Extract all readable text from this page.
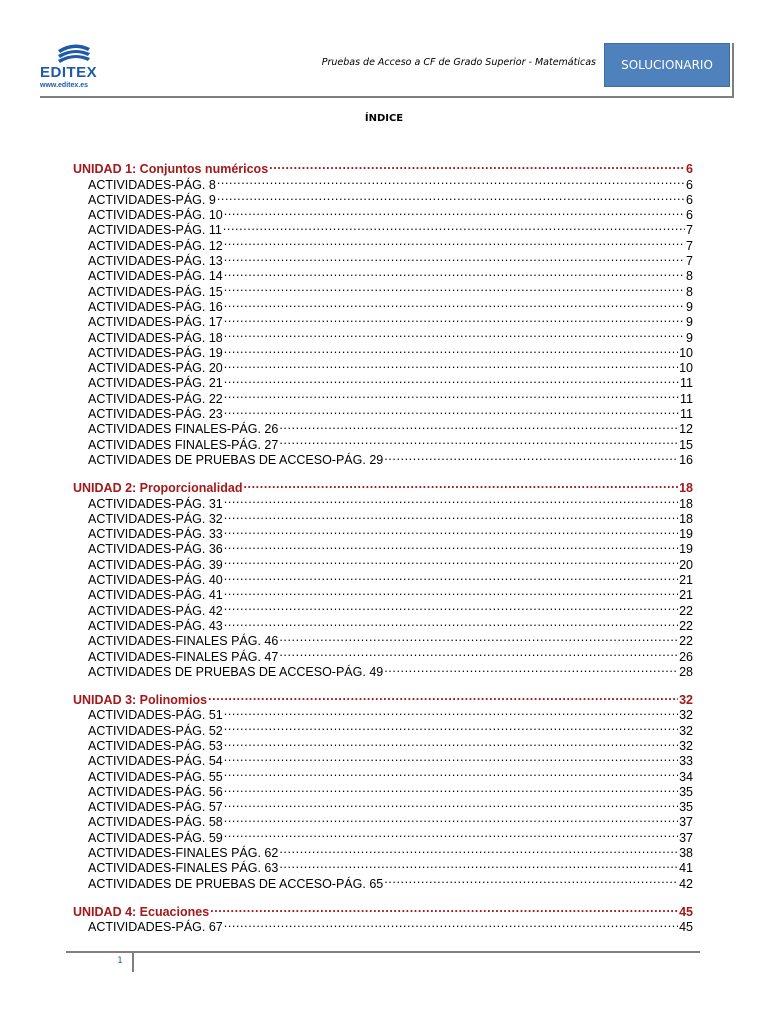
EDITEX
www.editex.es
Pruebas de Acceso a CF de Grado Superior - Matemáticas	SOLUCIONARIO
ÍNDICE
UNIDAD 1: Conjuntos numéricos .....	6
ACTIVIDADES-PÁG. 8 .....	6
ACTIVIDADES-PÁG. 9 .....	6
ACTIVIDADES-PÁG. 10 .....	6
ACTIVIDADES-PÁG. 11 .....	7
ACTIVIDADES-PÁG. 12 .....	7
ACTIVIDADES-PÁG. 13 .....	7
ACTIVIDADES-PÁG. 14 .....	8
ACTIVIDADES-PÁG. 15 .....	8
ACTIVIDADES-PÁG. 16 .....	9
ACTIVIDADES-PÁG. 17 .....	9
ACTIVIDADES-PÁG. 18 .....	9
ACTIVIDADES-PÁG. 19 .....	10
ACTIVIDADES-PÁG. 20 .....	10
ACTIVIDADES-PÁG. 21 .....	11
ACTIVIDADES-PÁG. 22 .....	11
ACTIVIDADES-PÁG. 23 .....	11
ACTIVIDADES FINALES-PÁG. 26 .....	12
ACTIVIDADES FINALES-PÁG. 27 .....	15
ACTIVIDADES DE PRUEBAS DE ACCESO-PÁG. 29 .....	16
UNIDAD 2: Proporcionalidad .....	18
ACTIVIDADES-PÁG. 31 .....	18
ACTIVIDADES-PÁG. 32 .....	18
ACTIVIDADES-PÁG. 33 .....	19
ACTIVIDADES-PÁG. 36 .....	19
ACTIVIDADES-PÁG. 39 .....	20
ACTIVIDADES-PÁG. 40 .....	21
ACTIVIDADES-PÁG. 41 .....	21
ACTIVIDADES-PÁG. 42 .....	22
ACTIVIDADES-PÁG. 43 .....	22
ACTIVIDADES-FINALES PÁG. 46 .....	22
ACTIVIDADES-FINALES PÁG. 47 .....	26
ACTIVIDADES DE PRUEBAS DE ACCESO-PÁG. 49 .....	28
UNIDAD 3: Polinomios .....	32
ACTIVIDADES-PÁG. 51 .....	32
ACTIVIDADES-PÁG. 52 .....	32
ACTIVIDADES-PÁG. 53 .....	32
ACTIVIDADES-PÁG. 54 .....	33
ACTIVIDADES-PÁG. 55 .....	34
ACTIVIDADES-PÁG. 56 .....	35
ACTIVIDADES-PÁG. 57 .....	35
ACTIVIDADES-PÁG. 58 .....	37
ACTIVIDADES-PÁG. 59 .....	37
ACTIVIDADES-FINALES PÁG. 62 .....	38
ACTIVIDADES-FINALES PÁG. 63 .....	41
ACTIVIDADES DE PRUEBAS DE ACCESO-PÁG. 65 .....	42
UNIDAD 4: Ecuaciones .....	45
ACTIVIDADES-PÁG. 67 .....	45
1
